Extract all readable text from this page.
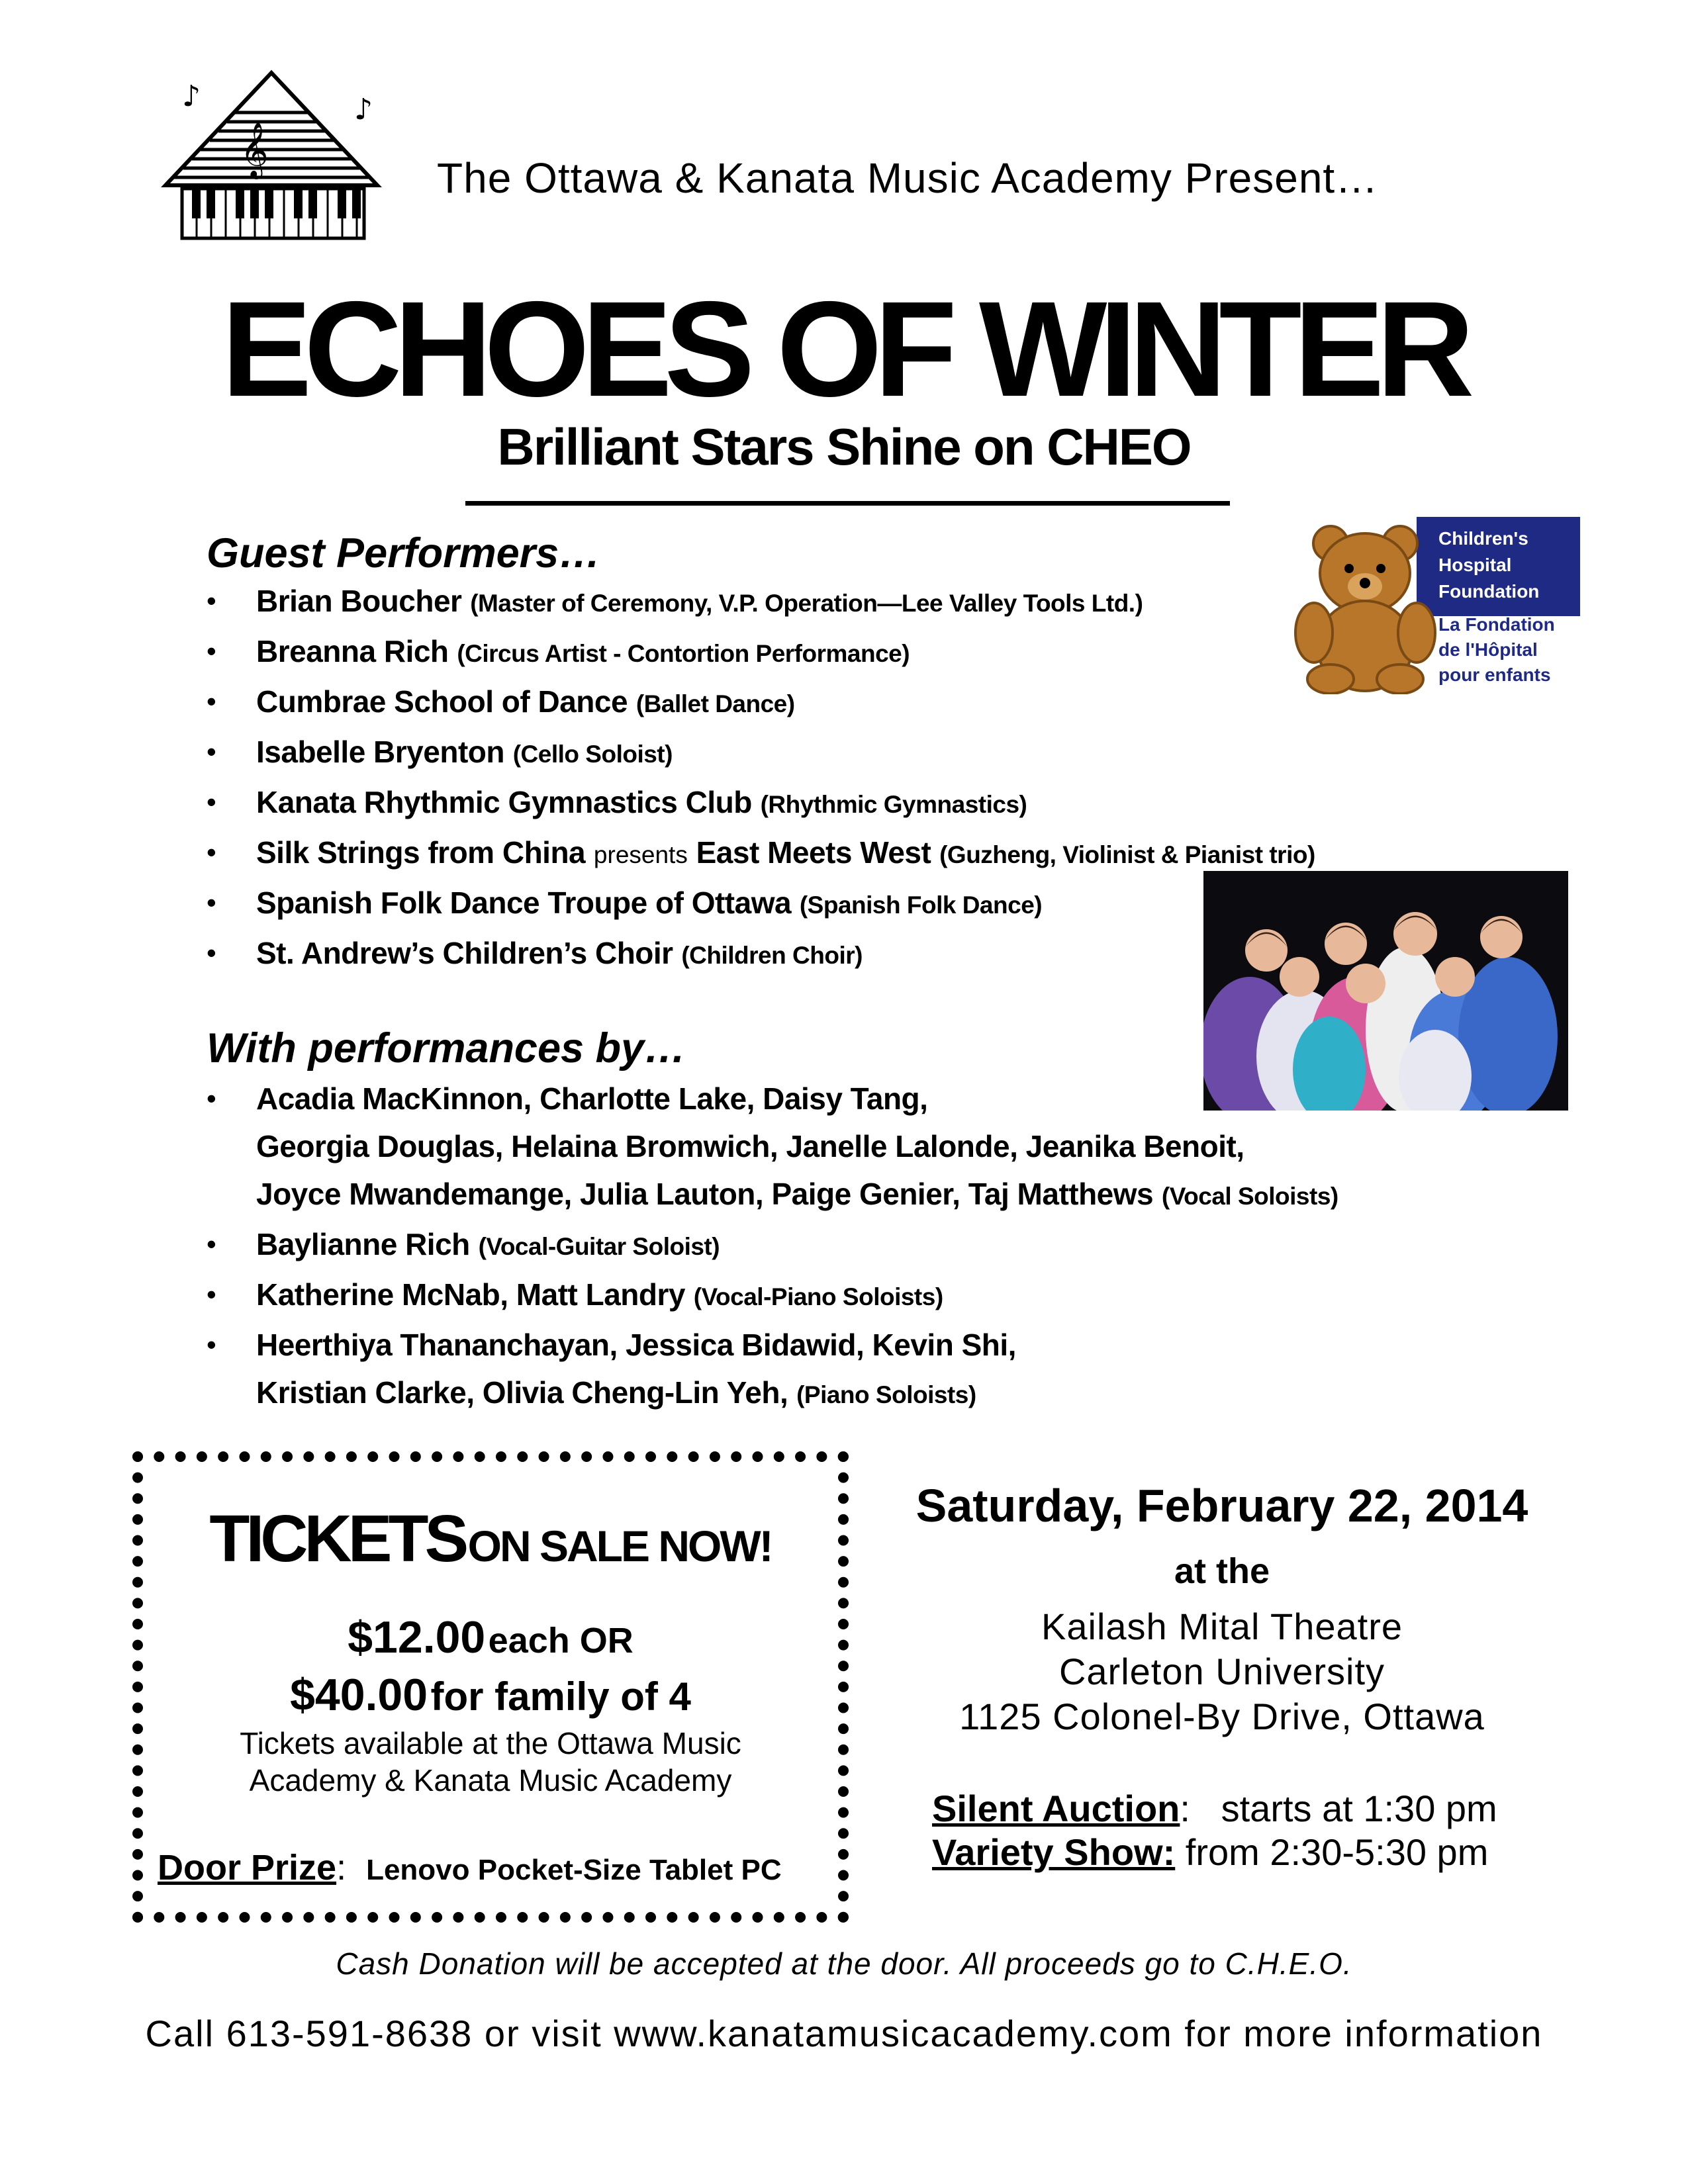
𝄞
♪	♪
The Ottawa & Kanata Music Academy Present…
ECHOES OF WINTER
Brilliant Stars Shine on CHEO
Children's
Hospital
Foundation
La Fondation
de l'Hôpital
pour enfants
Guest Performers…
• Brian Boucher (Master of Ceremony, V.P. Operation—Lee Valley Tools Ltd.)
• Breanna Rich (Circus Artist - Contortion Performance)
• Cumbrae School of Dance (Ballet Dance)
• Isabelle Bryenton (Cello Soloist)
• Kanata Rhythmic Gymnastics Club (Rhythmic Gymnastics)
• Silk Strings from China presents East Meets West (Guzheng, Violinist & Pianist trio)
• Spanish Folk Dance Troupe of Ottawa (Spanish Folk Dance)
• St. Andrew’s Children’s Choir (Children Choir)
With performances by…
• Acadia MacKinnon, Charlotte Lake, Daisy Tang,
Georgia Douglas, Helaina Bromwich, Janelle Lalonde, Jeanika Benoit,
Joyce Mwandemange, Julia Lauton, Paige Genier, Taj Matthews (Vocal Soloists)
• Baylianne Rich (Vocal-Guitar Soloist)
• Katherine McNab, Matt Landry (Vocal-Piano Soloists)
• Heerthiya Thananchayan, Jessica Bidawid, Kevin Shi,
Kristian Clarke, Olivia Cheng-Lin Yeh, (Piano Soloists)
TICKETS ON SALE NOW!
$12.00 each OR
$40.00 for family of 4
Tickets available at the Ottawa Music
Academy & Kanata Music Academy
Door Prize:  Lenovo Pocket-Size Tablet PC
Saturday, February 22, 2014
at the
Kailash Mital Theatre
Carleton University
1125 Colonel-By Drive, Ottawa
Silent Auction:   starts at 1:30 pm
Variety Show: from 2:30-5:30 pm
Cash Donation will be accepted at the door. All proceeds go to C.H.E.O.
Call 613-591-8638 or visit www.kanatamusicacademy.com for more information
